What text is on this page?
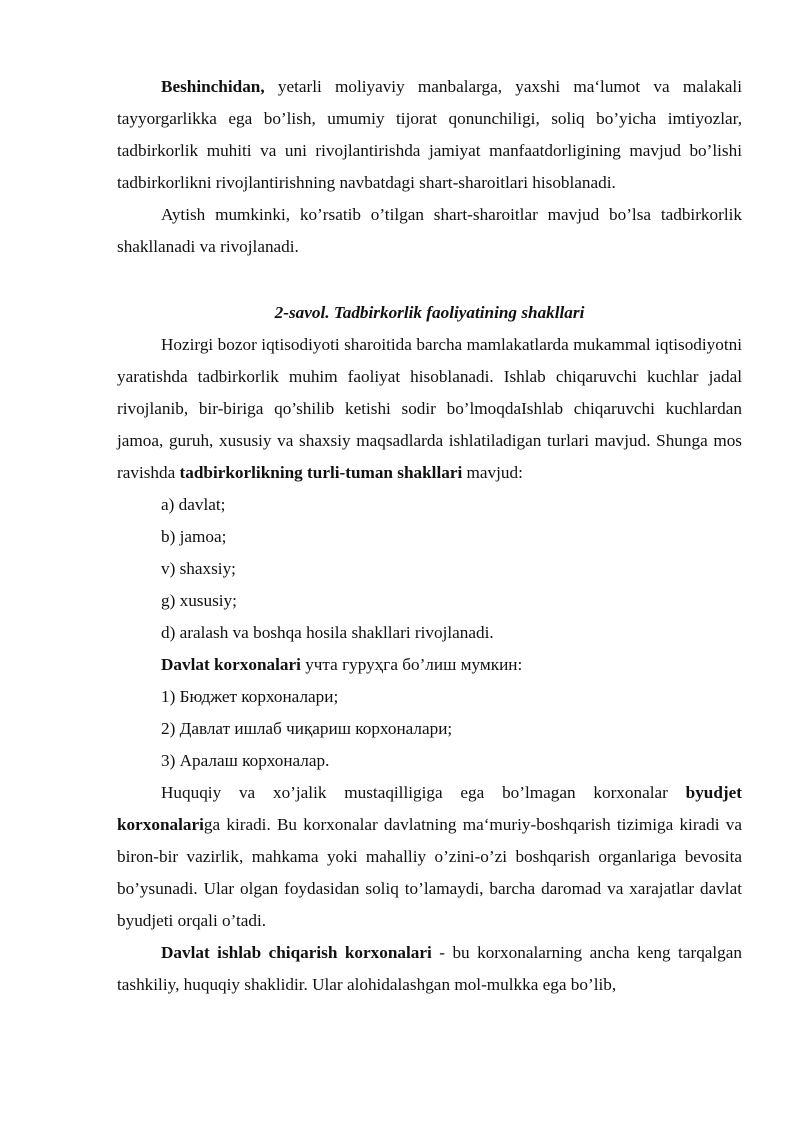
Beshinchidan, yetarli moliyaviy manbalarga, yaxshi maʻlumot va malakali tayyorgarlikka ega bo’lish, umumiy tijorat qonunchiligi, soliq bo’yicha imtiyozlar, tadbirkorlik muhiti va uni rivojlantirishda jamiyat manfaatdorligining mavjud bo’lishi tadbirkorlikni rivojlantirishning navbatdagi shart-sharoitlari hisoblanadi.

Aytish mumkinki, ko’rsatib o’tilgan shart-sharoitlar mavjud bo’lsa tadbirkorlik shakllanadi va rivojlanadi.

2-savol. Tadbirkorlik faoliyatining shakllari

Hozirgi bozor iqtisodiyoti sharoitida barcha mamlakatlarda mukammal iqtisodiyotni yaratishda tadbirkorlik muhim faoliyat hisoblanadi. Ishlab chiqaruvchi kuchlar jadal rivojlanib, bir-biriga qo’shilib ketishi sodir bo’lmoqdaIshlab chiqaruvchi kuchlardan jamoa, guruh, xususiy va shaxsiy maqsadlarda ishlatiladigan turlari mavjud. Shunga mos ravishda tadbirkorlikning turli-tuman shakllari mavjud:

a) davlat;

b) jamoa;

v) shaxsiy;

g) xususiy;

d) aralash va boshqa hosila shakllari rivojlanadi.

Davlat korxonalari учта гуруҳга бо’лиш мумкин:

1) Бюджет корхоналари;

2) Давлат ишлаб чиқариш корхоналари;

3) Аралаш корхоналар.

Huquqiy va xo’jalik mustaqilligiga ega bo’lmagan korxonalar byudjet korxonalariga kiradi. Bu korxonalar davlatning maʻmuriy-boshqarish tizimiga kiradi va biron-bir vazirlik, mahkama yoki mahalliy o’zini-o’zi boshqarish organlariga bevosita bo’ysunadi. Ular olgan foydasidan soliq to’lamaydi, barcha daromad va xarajatlar davlat byudjeti orqali o’tadi.

Davlat ishlab chiqarish korxonalari - bu korxonalarning ancha keng tarqalgan tashkiliy, huquqiy shaklidir. Ular alohidalashgan mol-mulkka ega bo’lib,
